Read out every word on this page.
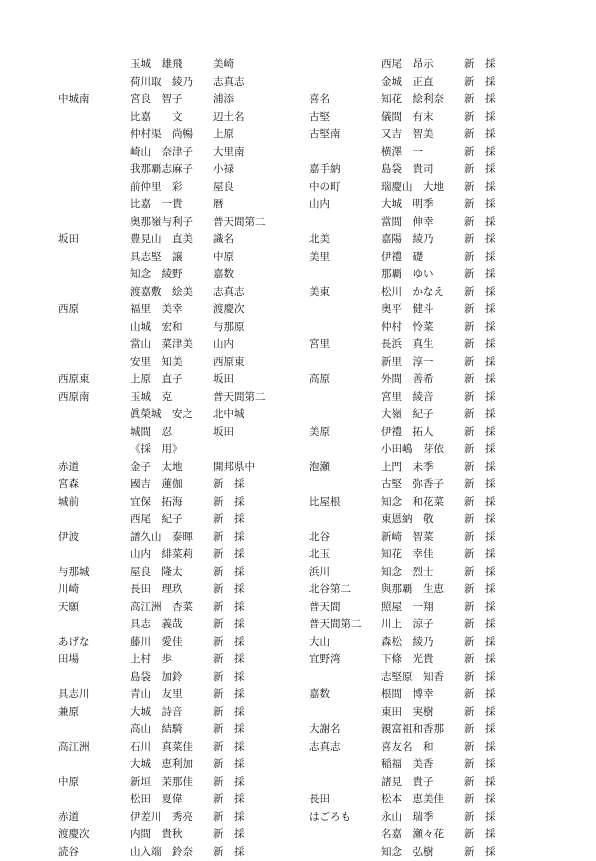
玉城　雄飛	美崎
荷川取　綾乃 志真志
中城南	宮良　智子	浦添
比嘉　　文	辺土名
仲村渠　尚暢 上原
崎山　奈津子 大里南
我那覇志麻子 小禄
前仲里　彩	屋良
比嘉　一貴	暦
奥那嶺与利子 普天間第二
坂田	豊見山　直美 識名
具志堅　譲	中原
知念　綾野	嘉数
渡嘉敷　絵美 志真志
西原	福里　美幸	渡慶次
山城　宏和	与那原
當山　菜津美 山内
安里　知美	西原東
西原東	上原　直子	坂田
西原南	玉城　克	普天間第二
眞榮城　安之 北中城
城間　忍	坂田
《採　用》
赤道	金子　太地	開邦県中
宮森	國吉　蓮伽	新　採
城前	宜保　拓海	新　採
西尾　紀子	新　採
伊波	譜久山　泰暉 新　採
山内　緋菜莉 新　採
与那城	屋良　隆太	新　採
川崎	長田　理玖	新　採
天願	高江洲　杏菜 新　採
具志　義哉	新　採
あげな	藤川　愛佳	新　採
田場	上村　歩	新　採
島袋　加鈴	新　採
具志川	青山　友里	新　採
兼原	大城　詩音	新　採
高山　結騎	新　採
高江洲	石川　真菜佳 新　採
大城　恵利加 新　採
中原	新垣　茉那佳 新　採
松田　夏偉	新　採
赤道	伊差川　秀亮 新　採
渡慶次	内間　貴秋	新　採
読谷	山入端　鈴奈 新　採
西尾　昂示	新　採
金城　正直	新　採
喜名	知花　絵利奈 新　採
古堅	儀間　有末	新　採
古堅南	又吉　智美	新　採
横澤　一	新　採
嘉手納	島袋　貴司	新　採
中の町	瑞慶山　大地 新　採
山内	大城　明季	新　採
當間　伸幸	新　採
北美	嘉陽　綾乃	新　採
美里	伊禮　礎	新　採
那覇　ゆい	新　採
美東	松川　かなえ 新　採
奥平　健斗	新　採
仲村　怜菜	新　採
宮里	長浜　真生	新　採
新里　淳一	新　採
高原	外間　善希	新　採
宮里　綾音	新　採
大嶺　紀子	新　採
美原	伊禮　拓人	新　採
小田嶋　芽依 新　採
泡瀬	上門　未季	新　採
古堅　弥香子 新　採
比屋根	知念　和花菜 新　採
東恩納　敬	新　採
北谷	新崎　智菜	新　採
北玉	知花　幸佳	新　採
浜川	知念　烈士	新　採
北谷第二	與那覇　生恵 新　採
普天間	照屋　一翔	新　採
普天間第二 川上　涼子	新　採
大山	森松　綾乃	新　採
宜野湾	下條　光貴	新　採
志堅原　知香 新　採
嘉数	根間　博幸	新　採
東田　実樹	新　採
大謝名	親富祖和香那 新　採
志真志	喜友名　和	新　採
稲福　美香	新　採
諸見　貴子	新　採
長田	松本　恵美佳 新　採
はごろも	永山　瑞季	新　採
名嘉　瀬々花 新　採
知念　弘樹	新　採
